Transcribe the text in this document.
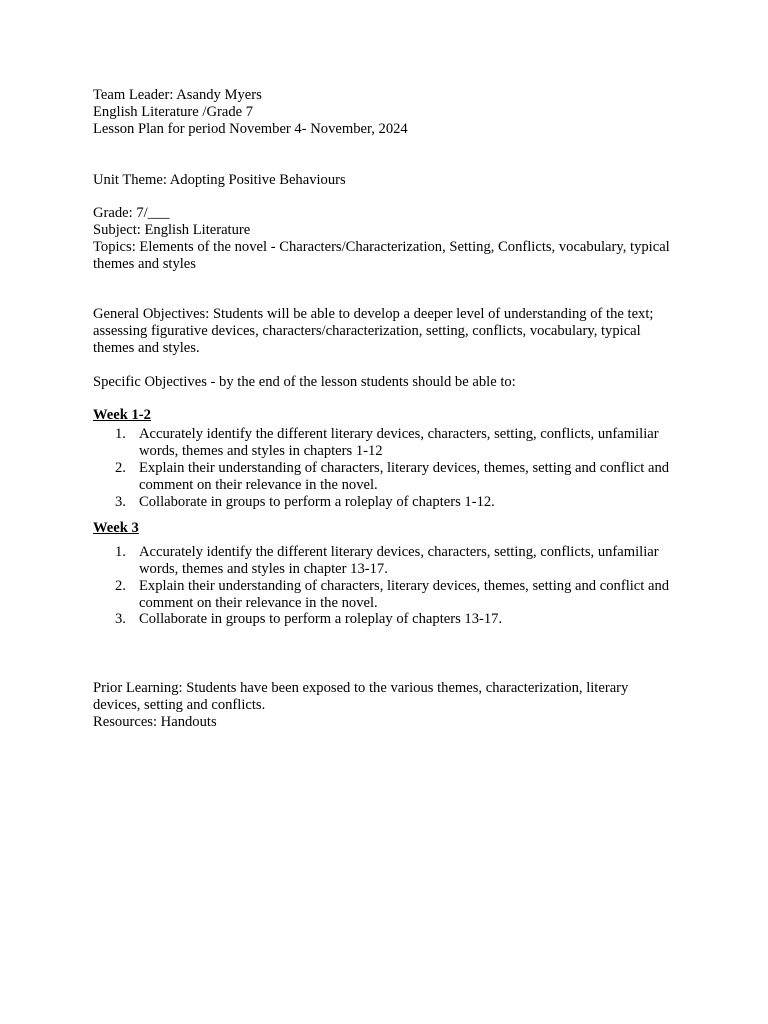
Team Leader: Asandy Myers
English Literature /Grade 7
Lesson Plan for period November 4- November, 2024
Unit Theme: Adopting Positive Behaviours
Grade: 7/___
Subject: English Literature

Topics: Elements of the novel - Characters/Characterization, Setting, Conflicts, vocabulary, typical themes and styles

General Objectives: Students will be able to develop a deeper level of understanding of the text; assessing figurative devices, characters/characterization, setting, conflicts, vocabulary, typical themes and styles.

Specific Objectives - by the end of the lesson students should be able to:

Week 1-2

1. Accurately identify the different literary devices, characters, setting, conflicts, unfamiliar words, themes and styles in chapters 1-12
2. Explain their understanding of characters, literary devices, themes, setting and conflict and comment on their relevance in the novel.
3. Collaborate in groups to perform a roleplay of chapters 1-12.

Week 3

1. Accurately identify the different literary devices, characters, setting, conflicts, unfamiliar words, themes and styles in chapter 13-17.
2. Explain their understanding of characters, literary devices, themes, setting and conflict and comment on their relevance in the novel.
3. Collaborate in groups to perform a roleplay of chapters 13-17.

Prior Learning: Students have been exposed to the various themes, characterization, literary devices, setting and conflicts.

Resources: Handouts
